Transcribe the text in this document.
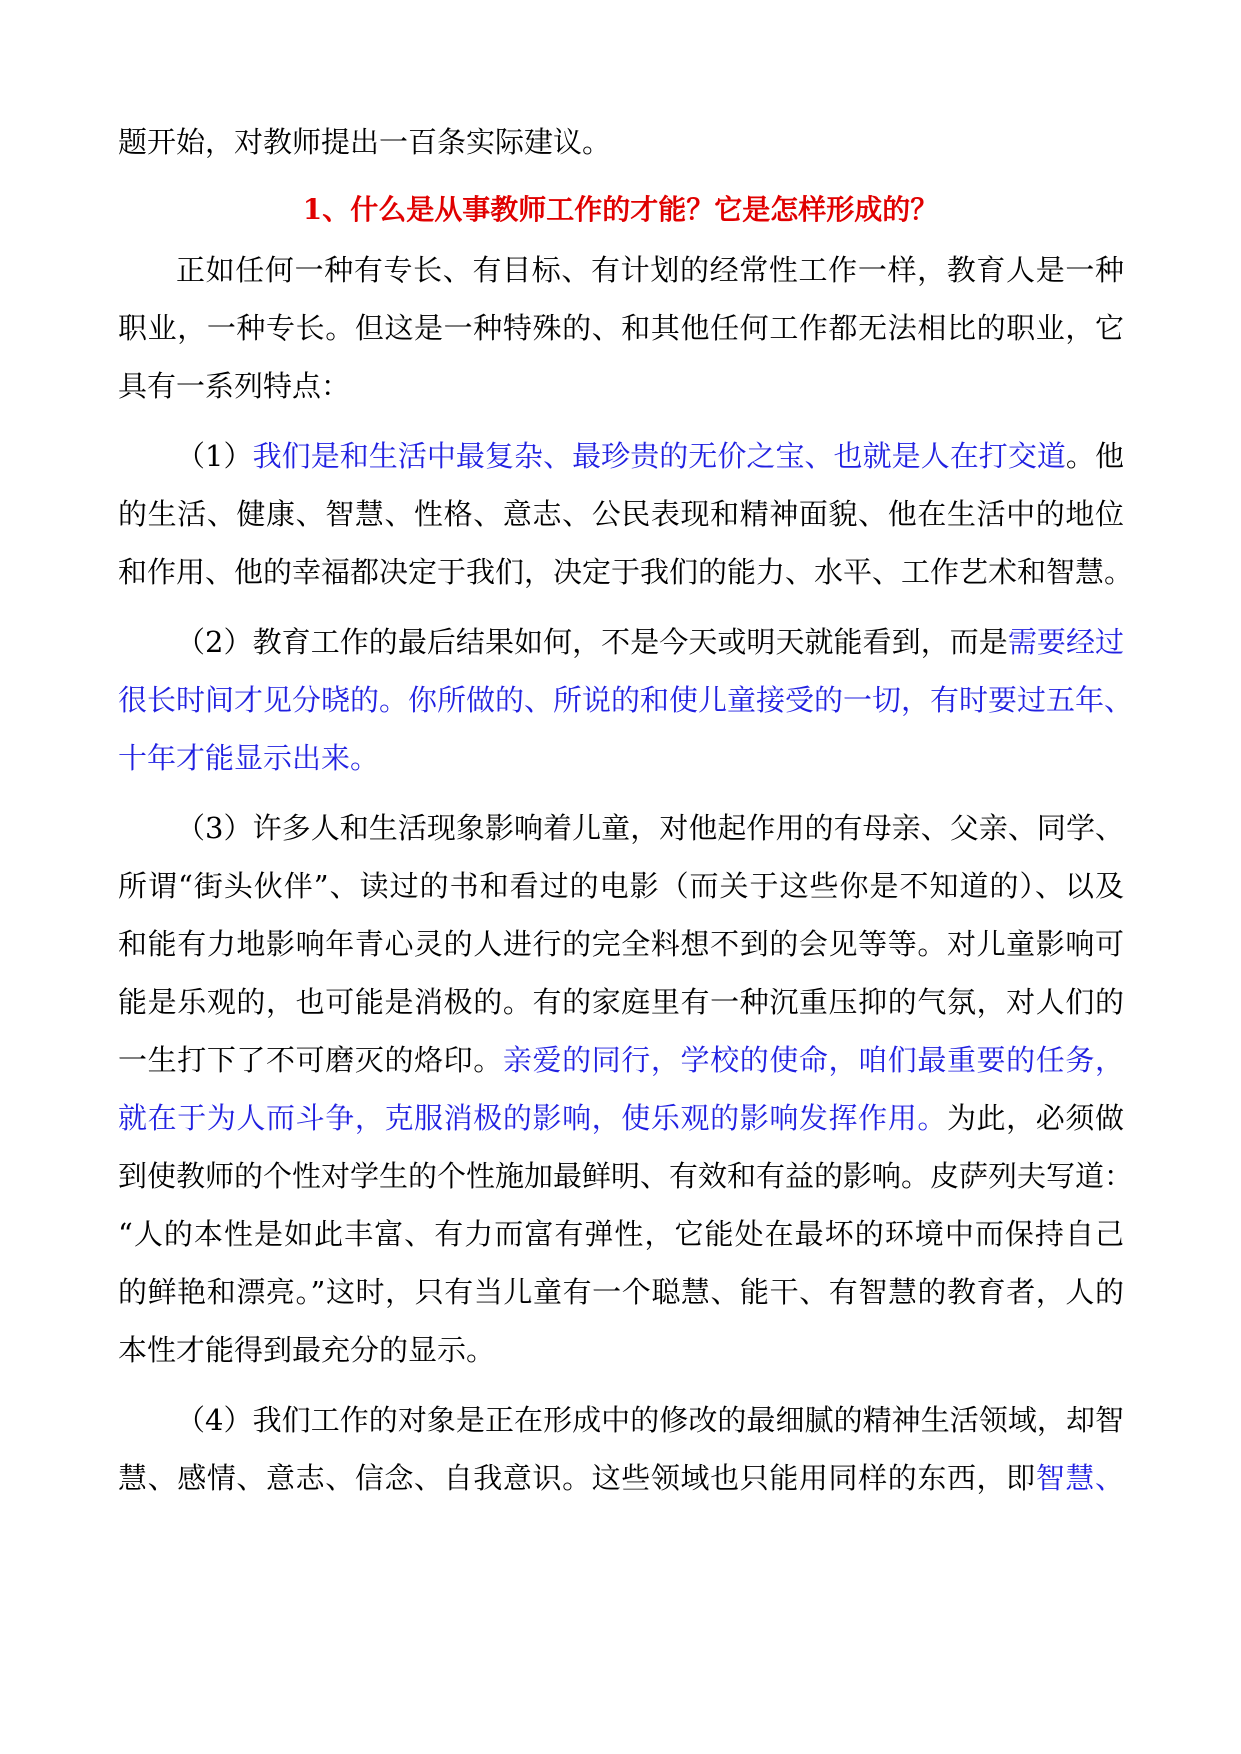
题开始，对教师提出一百条实际建议。
1、什么是从事教师工作的才能？它是怎样形成的？
正如任何一种有专长、有目标、有计划的经常性工作一样，教育人是一种
职业，一种专长。但这是一种特殊的、和其他任何工作都无法相比的职业，它
具有一系列特点：
（1）我们是和生活中最复杂、最珍贵的无价之宝、也就是人在打交道。他
的生活、健康、智慧、性格、意志、公民表现和精神面貌、他在生活中的地位
和作用、他的幸福都决定于我们，决定于我们的能力、水平、工作艺术和智慧。
（2）教育工作的最后结果如何，不是今天或明天就能看到，而是需要经过
很长时间才见分晓的。你所做的、所说的和使儿童接受的一切，有时要过五年、
十年才能显示出来。
（3）许多人和生活现象影响着儿童，对他起作用的有母亲、父亲、同学、
所谓“街头伙伴”、读过的书和看过的电影（而关于这些你是不知道的）、以及
和能有力地影响年青心灵的人进行的完全料想不到的会见等等。对儿童影响可
能是乐观的，也可能是消极的。有的家庭里有一种沉重压抑的气氛，对人们的
一生打下了不可磨灭的烙印。亲爱的同行，学校的使命，咱们最重要的任务，
就在于为人而斗争，克服消极的影响，使乐观的影响发挥作用。为此，必须做
到使教师的个性对学生的个性施加最鲜明、有效和有益的影响。皮萨列夫写道：
“人的本性是如此丰富、有力而富有弹性，它能处在最坏的环境中而保持自己
的鲜艳和漂亮。”这时，只有当儿童有一个聪慧、能干、有智慧的教育者，人的
本性才能得到最充分的显示。
（4）我们工作的对象是正在形成中的修改的最细腻的精神生活领域，却智
慧、感情、意志、信念、自我意识。这些领域也只能用同样的东西，即智慧、
